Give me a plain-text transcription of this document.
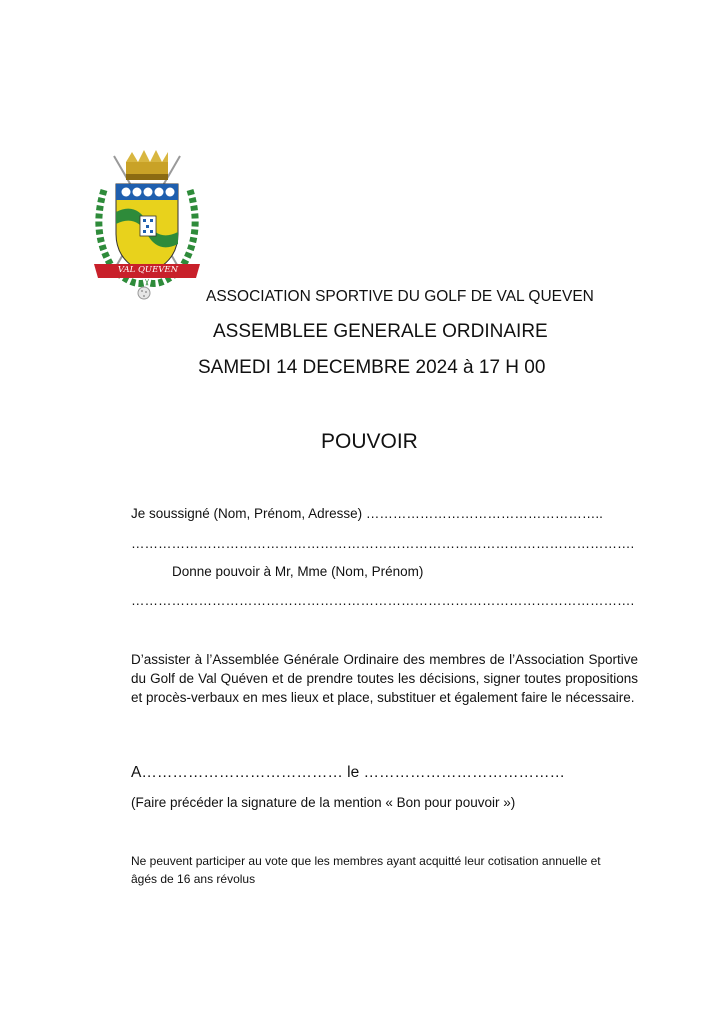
VAL QUEVEN
ASSOCIATION SPORTIVE DU GOLF DE VAL QUEVEN
ASSEMBLEE GENERALE ORDINAIRE
SAMEDI 14 DECEMBRE 2024 à 17 H 00
POUVOIR
Je soussigné (Nom, Prénom, Adresse) ……………………………………………..
………………………………………………………………………………………………….
Donne pouvoir à Mr, Mme (Nom, Prénom)
………………………………………………………………………………………………….
D’assister à l’Assemblée Générale Ordinaire des membres de l’Association Sportive du Golf de Val Quéven et de prendre toutes les décisions, signer toutes propositions et procès-verbaux en mes lieux et place, substituer et également faire le nécessaire.
A………………………………… le …………………………………
(Faire précéder la signature de la mention « Bon pour pouvoir »)
Ne peuvent participer au vote que les membres ayant acquitté leur cotisation annuelle et âgés de 16 ans révolus
